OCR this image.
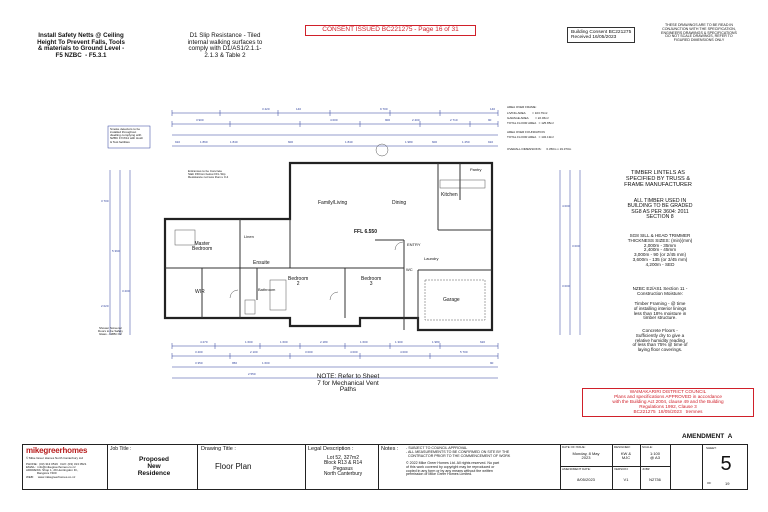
Install Safety Netts @ Ceiling
Height To Prevent Falls, Tools
& materials to Ground Level -
F5 NZBC  - F5.3.1
D1 Slip Resistance - Tiled
internal walking surfaces to
comply with D1/AS1/2.1.1-
2.1.3 & Table 2
CONSENT ISSUED BC221275 - Page 16 of 31	Building Consent BC221275
Received 16/05/2023
THESE DRAWINGS ARE TO BE READ IN
CONJUNCTION WITH THE SPECIFICATION,
ENGINEERS DRAWINGS & SPECIFICATIONS
DO NOT SCALE DRAWINGS, REFER TO
FIGURED DIMENSIONS ONLY
AREA OVER FRAME:
LIVING AREA        = 103.79m²
GARAGE AREA        = 22.06m²
TOTAL FLOOR AREA   = 125.85m²
AREA OVER FOUNDATION
TOTAL FLOOR AREA   = 132.19m²
OVERALL DIMENSIONS:      6.350m x 19.370m
TIMBER LINTELS AS
SPECIFIED BY TRUSS &
FRAME MANUFACTURER
ALL TIMBER USED IN
BUILDING TO BE GRADED
SG8 AS PER 3604: 2011
SECTION 8
SG8 SILL & HEAD TRIMMER
THICKNESS SIZES: (min)(mm)
2,000m - 35mm
2,400m - 45mm
3,000m - 90 (or 2/45 mm)
3,600m - 135 (or 3/45 mm)
4,200m - SED
NZBC E2/AS1 Section 11 -
Construction Moisture:
Timber Framing - @ time
of installing interior linings
less than 18% moisture in
timber structure.
Concrete Floors -
Sufficiently dry to give a
relative humidity reading
of less than 75% @ time of
laying floor coverings.
WAIMAKARIRI DISTRICT COUNCIL
Plans and specifications APPROVED in accordance
with the Building Act 2004, clause 49 and the Building
Regulations 1992, Clause 3
BC221275  18/05/2023   tremnes
Family/Living	Dining
Kitchen
Master
Bedroom
Ensuite
WIR
Bedroom
2
Bedroom
3
Bathroom
Garage
ENTRY
Laundry
Pantry
WC
Linen
FFL 6.550
Smoke detectors to be
installed throughout
dwelling complying with
NZBC F7/AS1 with Hush
& Test facilities
Entrances to be Concrete
Slab 150mm below FFL Slip
Resistance not less than u 0.4
Shower Screens/
Doors to be Safety
Glass - NZBC F2
NOTE: Refer to Sheet
7 for Mechanical Vent
Paths
AMENDMENT  A
3 420	140	9 700	140
3 900	4 000	900	2 400	2 710	90
910	1 860	1 840	600	1 840	1 980	600	1 250	910
4 270	1 600	1 600	2 180	1 600	1 300	1 980	620
3 400	2 100	3 000	4 000	4 000	5 700
3 350	950	1 600
2 550
90
3 700
5 390
3 200
2 020
4 000
3 000
3 000
mikegreerhomes
© Mike Greer Homes North Canterbury Ltd
PHONE:  (03) 313 0519   FAX: (03) 313 0521
EMAIL:  info@mikegreerhomes.co.nz
ADDRESS: Shop 1, 29 Huntingdon Dr.,
Rangiora 7400
WEB:     www.mikegreerhomes.co.nz
Job Title :
Proposed
New
Residence
Drawing Title :
Floor Plan
Legal Description :
Lot 52, 327m2
Block R13 & R14
Pegasus
North Canterbury
Notes : - SUBJECT TO COUNCIL APPROVAL
- ALL MEASUREMENTS TO BE CONFIRMED ON SITE BY THE
CONTRACTOR PRIOR TO THE COMMENCEMENT OF WORK

© 2022 Mike Greer Homes Ltd. All rights reserved. No part
of this work covered by copyright may be reproduced or
copied in any form or by any means without the written
permission of Mike Greer Homes Limited.
DATE OF ISSUE:
Monday, 8 May
2023
DESIGNER:
KW &
MJC
SCALE:
1:100
@ A3
AMENDMENT DATE:
8/05/2023
VERSION:
V1
JOB#
N2736
SHEET:
5
OF	19
